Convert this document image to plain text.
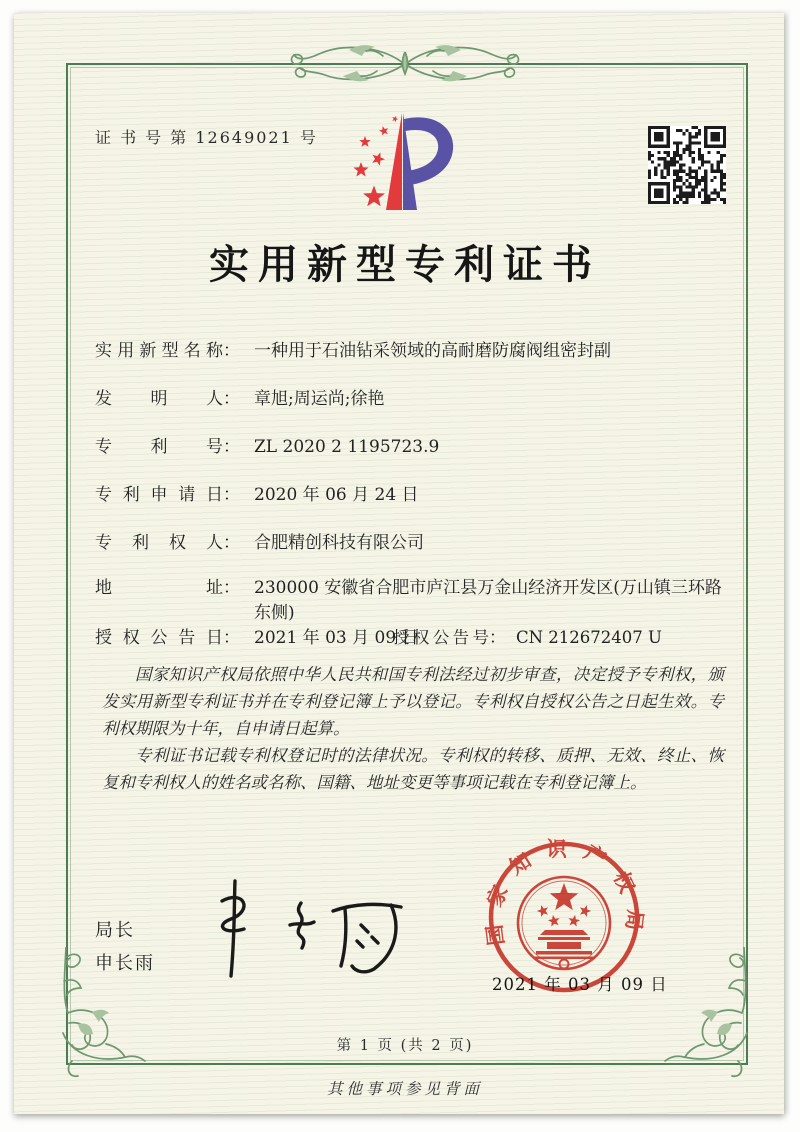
证 书 号 第 12649021 号
实用新型专利证书
实用新型名称： 一种用于石油钻采领域的高耐磨防腐阀组密封副
发明人： 章旭;周运尚;徐艳
专利号： ZL 2020 2 1195723.9
专利申请日： 2020 年 06 月 24 日
专利权人： 合肥精创科技有限公司
地址： 230000 安徽省合肥市庐江县万金山经济开发区(万山镇三环路东侧)
授权公告日： 2021 年 03 月 09 日
授权公告号： CN 212672407 U

国家知识产权局依照中华人民共和国专利法经过初步审查，决定授予专利权，颁发实用新型专利证书并在专利登记簿上予以登记。专利权自授权公告之日起生效。专利权期限为十年，自申请日起算。

专利证书记载专利权登记时的法律状况。专利权的转移、质押、无效、终止、恢复和专利权人的姓名或名称、国籍、地址变更等事项记载在专利登记簿上。

局长
申长雨
2021 年 03 月 09 日
国家知识产权局
第 1 页 (共 2 页)
其他事项参见背面
